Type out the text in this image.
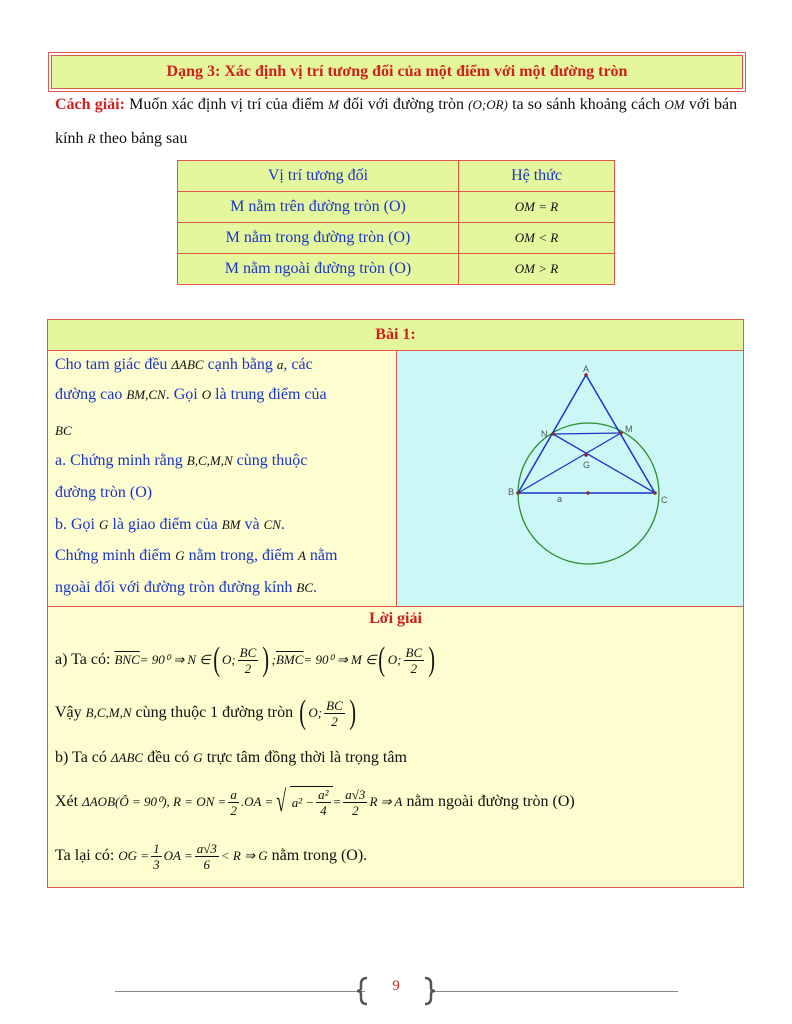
Dạng 3: Xác định vị trí tương đối của một điểm với một đường tròn
Cách giải: Muốn xác định vị trí của điểm M đối với đường tròn (O;OR) ta so sánh khoảng cách OM với bán kính R theo bảng sau
Vị trí tương đối	Hệ thức
M nằm trên đường tròn (O)	OM = R
M nằm trong đường tròn (O)	OM < R
M nằm ngoài đường tròn (O)	OM > R
Bài 1:
Cho tam giác đều ΔABC cạnh bằng a, các
đường cao BM,CN. Gọi O là trung điểm của
BC
a. Chứng minh rằng B,C,M,N cùng thuộc
đường tròn (O)
b. Gọi G là giao điểm của BM và CN.
Chứng minh điểm G nằm trong, điểm A nằm
ngoài đối với đường tròn đường kính BC.
A
B
C
N	M
G
a
Lời giải
a) Ta có:
$\overline{BNC} = 90^0$ ⇒ N ∈ ( O; $\frac{BC}{2}$ ) ; $\overline{BMC} = 90^0$ ⇒ M ∈ ( O; $\frac{BC}{2}$ )
Vậy
B,C,M,N
cùng thuộc 1 đường tròn
( O; $\frac{BC}{2}$ )
b) Ta có
ΔABC
đều có
G
trực tâm đồng thời là trọng tâm
Xét
ΔAOB(Ô = 90⁰), R = ON = $\frac{a}{2} .OA$ = √ $a^2 - \frac{\text{a²}}{4} = \frac{a√3}{2}$ R ⇒ A
nằm ngoài đường tròn (O)
Ta lại có:
OG = $\frac{1}{3}$ OA = $\frac{a√3}{6} < R$ ⇒ G
nằm trong (O).
9
